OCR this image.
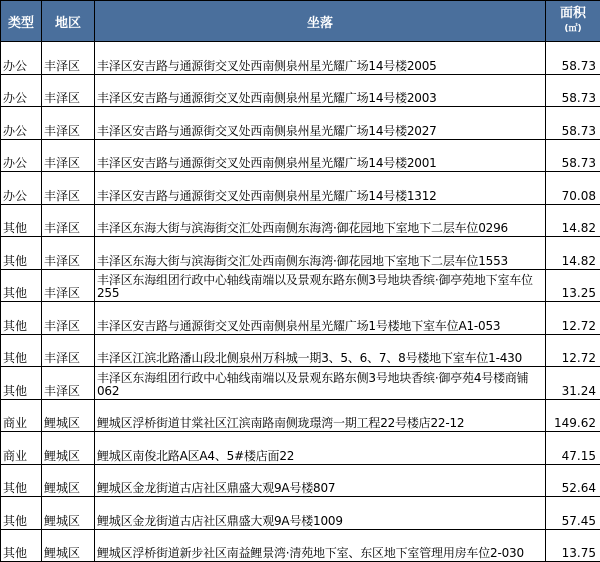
类型	地区	坐落	面积
(㎡)
办公	丰泽区	丰泽区安吉路与通源街交叉处西南侧泉州星光耀广场14号楼2005	58.73
办公	丰泽区	丰泽区安吉路与通源街交叉处西南侧泉州星光耀广场14号楼2003	58.73
办公	丰泽区	丰泽区安吉路与通源街交叉处西南侧泉州星光耀广场14号楼2027	58.73
办公	丰泽区	丰泽区安吉路与通源街交叉处西南侧泉州星光耀广场14号楼2001	58.73
办公	丰泽区	丰泽区安吉路与通源街交叉处西南侧泉州星光耀广场14号楼1312	70.08
其他	丰泽区	丰泽区东海大街与滨海街交汇处西南侧东海湾·御花园地下室地下二层车位0296	14.82
其他	丰泽区	丰泽区东海大街与滨海街交汇处西南侧东海湾·御花园地下室地下二层车位1553	14.82
其他	丰泽区	丰泽区东海组团行政中心轴线南端以及景观东路东侧3号地块香缤·御亭苑地下室车位255	13.25
其他	丰泽区	丰泽区安吉路与通源街交叉处西南侧泉州星光耀广场1号楼地下室车位A1-053	12.72
其他	丰泽区	丰泽区江滨北路潘山段北侧泉州万科城一期3、5、6、7、8号楼地下室车位1-430	12.72
其他	丰泽区	丰泽区东海组团行政中心轴线南端以及景观东路东侧3号地块香缤·御亭苑4号楼商铺062	31.24
商业	鲤城区	鲤城区浮桥街道甘棠社区江滨南路南侧珑璟湾一期工程22号楼店22-12	149.62
商业	鲤城区	鲤城区南俊北路A区A4、5#楼店面22	47.15
其他	鲤城区	鲤城区金龙街道古店社区鼎盛大观9A号楼807	52.64
其他	鲤城区	鲤城区金龙街道古店社区鼎盛大观9A号楼1009	57.45
其他	鲤城区	鲤城区浮桥街道新步社区南益鲤景湾·清苑地下室、东区地下室管理用房车位2-030	13.75
